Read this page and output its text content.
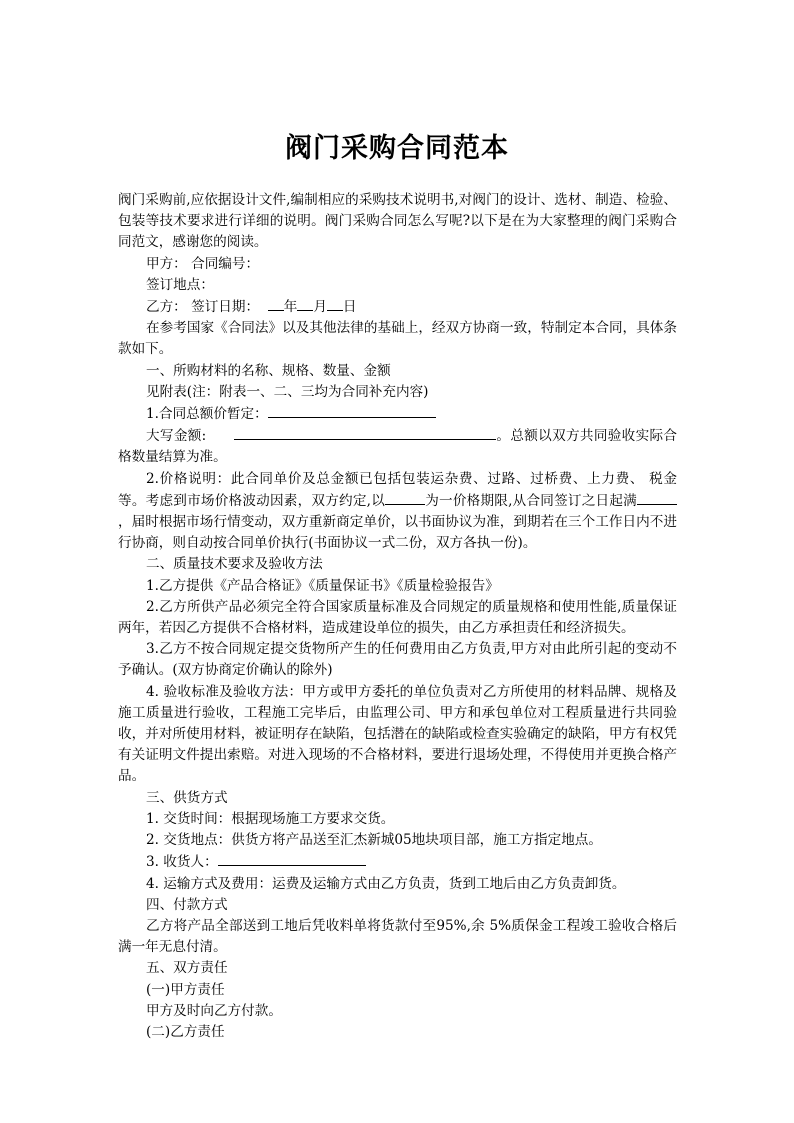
阀门采购合同范本

阀门采购前,应依据设计文件,编制相应的采购技术说明书,对阀门的设计、选材、制造、检验、包装等技术要求进行详细的说明。阀门采购合同怎么写呢?以下是在为大家整理的阀门采购合同范文，感谢您的阅读。

甲方： 合同编号：

签订地点：

乙方： 签订日期： 年 月 日

在参考国家《合同法》以及其他法律的基础上，经双方协商一致，特制定本合同，具体条款如下。

一、所购材料的名称、规格、数量、金额

见附表(注：附表一、二、三均为合同补充内容)

1.合同总额价暂定：

大写金额:	。总额以双方共同验收实际合格数量结算为准。

2.价格说明：此合同单价及总金额已包括包装运杂费、过路、过桥费、上力费、 税金等。考虑到市场价格波动因素，双方约定,以	为一价格期限,从合同签订之日起满，届时根据市场行情变动，双方重新商定单价，以书面协议为准，到期若在三个工作日内不进行协商，则自动按合同单价执行(书面协议一式二份，双方各执一份)。

二、质量技术要求及验收方法

1.乙方提供《产品合格证》《质量保证书》《质量检验报告》

2.乙方所供产品必须完全符合国家质量标准及合同规定的质量规格和使用性能,质量保证两年，若因乙方提供不合格材料，造成建设单位的损失，由乙方承担责任和经济损失。

3.乙方不按合同规定提交货物所产生的任何费用由乙方负责,甲方对由此所引起的变动不予确认。(双方协商定价确认的除外)

4. 验收标准及验收方法：甲方或甲方委托的单位负责对乙方所使用的材料品牌、规格及施工质量进行验收，工程施工完毕后，由监理公司、甲方和承包单位对工程质量进行共同验收，并对所使用材料，被证明存在缺陷，包括潜在的缺陷或检查实验确定的缺陷，甲方有权凭有关证明文件提出索赔。对进入现场的不合格材料，要进行退场处理，不得使用并更换合格产品。

三、供货方式

1. 交货时间：根据现场施工方要求交货。

2. 交货地点：供货方将产品送至汇杰新城05地块项目部，施工方指定地点。

3. 收货人：

4. 运输方式及费用：运费及运输方式由乙方负责，货到工地后由乙方负责卸货。

四、付款方式

乙方将产品全部送到工地后凭收料单将货款付至95%,余 5%质保金工程竣工验收合格后满一年无息付清。

五、双方责任

(一)甲方责任

甲方及时向乙方付款。

(二)乙方责任
